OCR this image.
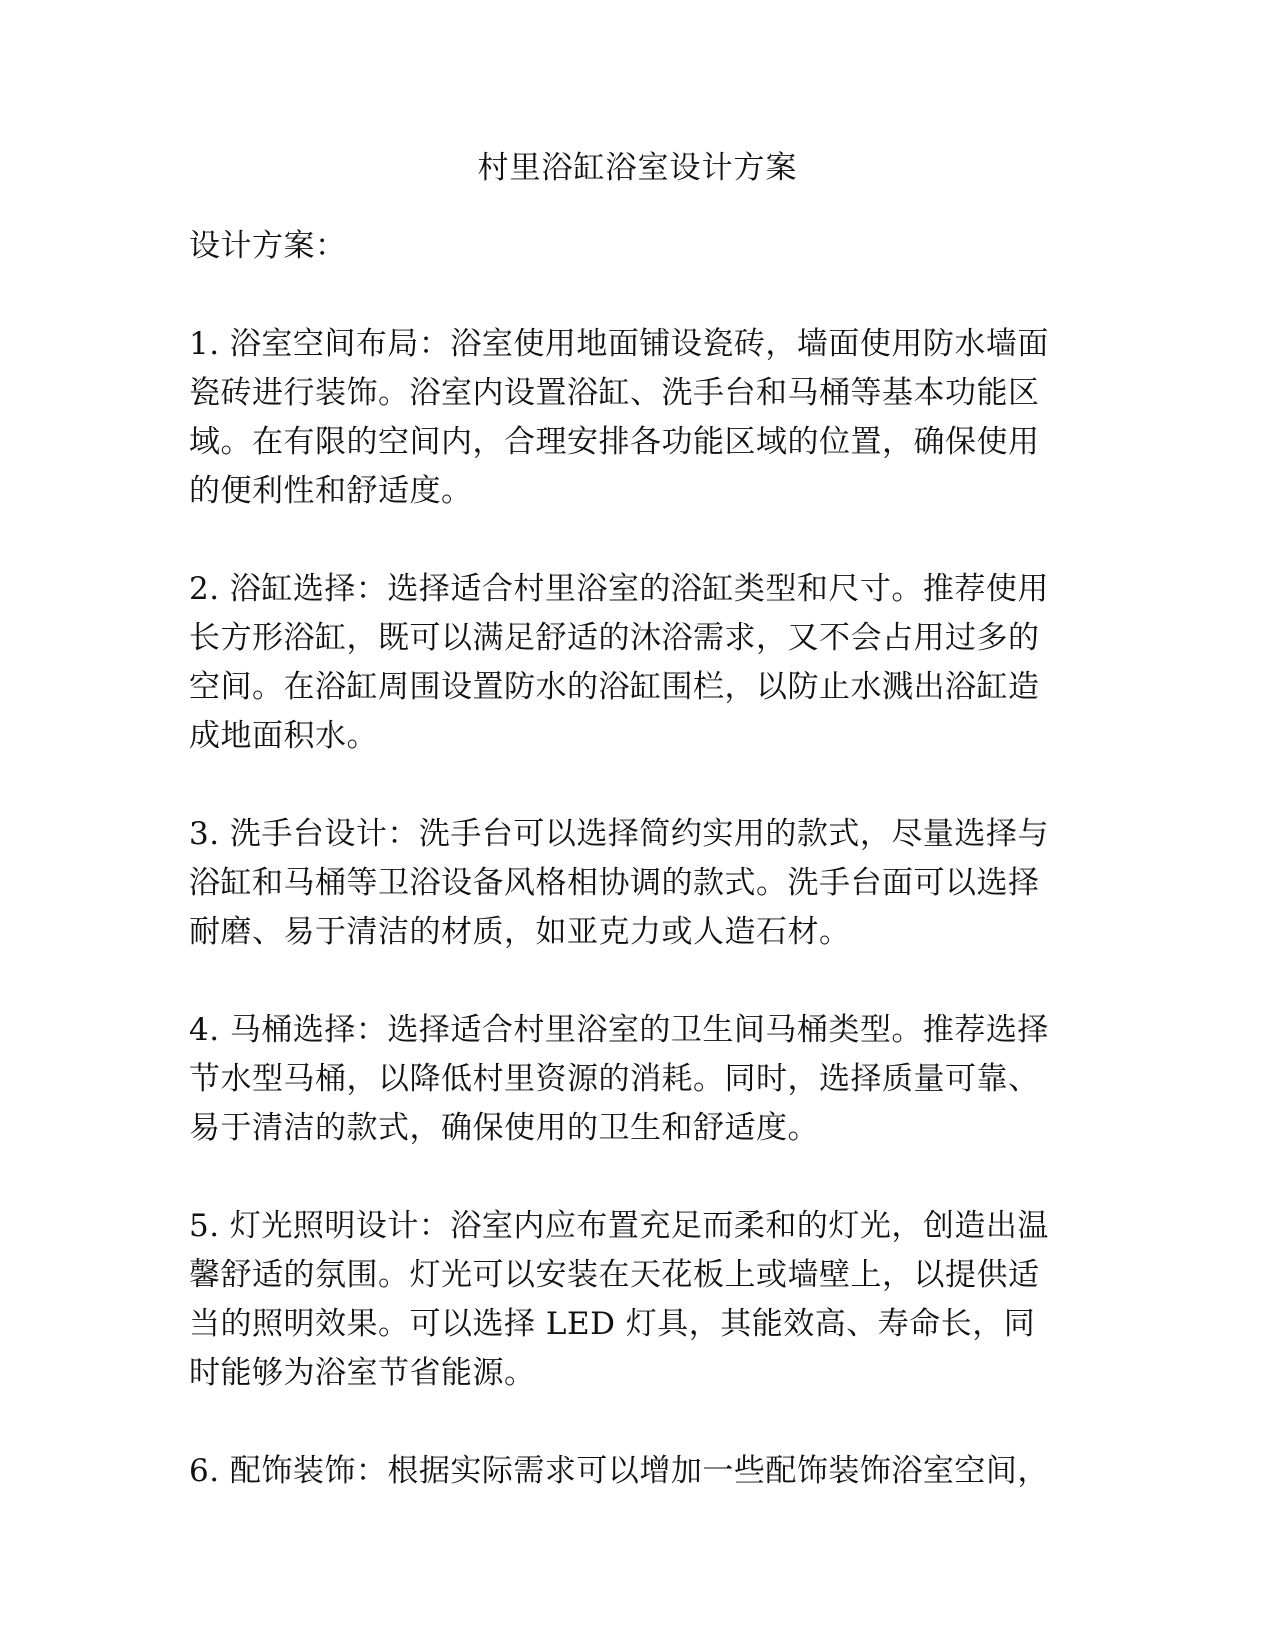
村里浴缸浴室设计方案

设计方案：

1. 浴室空间布局：浴室使用地面铺设瓷砖，墙面使用防水墙面
瓷砖进行装饰。浴室内设置浴缸、洗手台和马桶等基本功能区
域。在有限的空间内，合理安排各功能区域的位置，确保使用
的便利性和舒适度。

2. 浴缸选择：选择适合村里浴室的浴缸类型和尺寸。推荐使用
长方形浴缸，既可以满足舒适的沐浴需求，又不会占用过多的
空间。在浴缸周围设置防水的浴缸围栏，以防止水溅出浴缸造
成地面积水。

3. 洗手台设计：洗手台可以选择简约实用的款式，尽量选择与
浴缸和马桶等卫浴设备风格相协调的款式。洗手台面可以选择
耐磨、易于清洁的材质，如亚克力或人造石材。

4. 马桶选择：选择适合村里浴室的卫生间马桶类型。推荐选择
节水型马桶，以降低村里资源的消耗。同时，选择质量可靠、
易于清洁的款式，确保使用的卫生和舒适度。

5. 灯光照明设计：浴室内应布置充足而柔和的灯光，创造出温
馨舒适的氛围。灯光可以安装在天花板上或墙壁上，以提供适
当的照明效果。可以选择 LED 灯具，其能效高、寿命长，同
时能够为浴室节省能源。

6. 配饰装饰：根据实际需求可以增加一些配饰装饰浴室空间，
